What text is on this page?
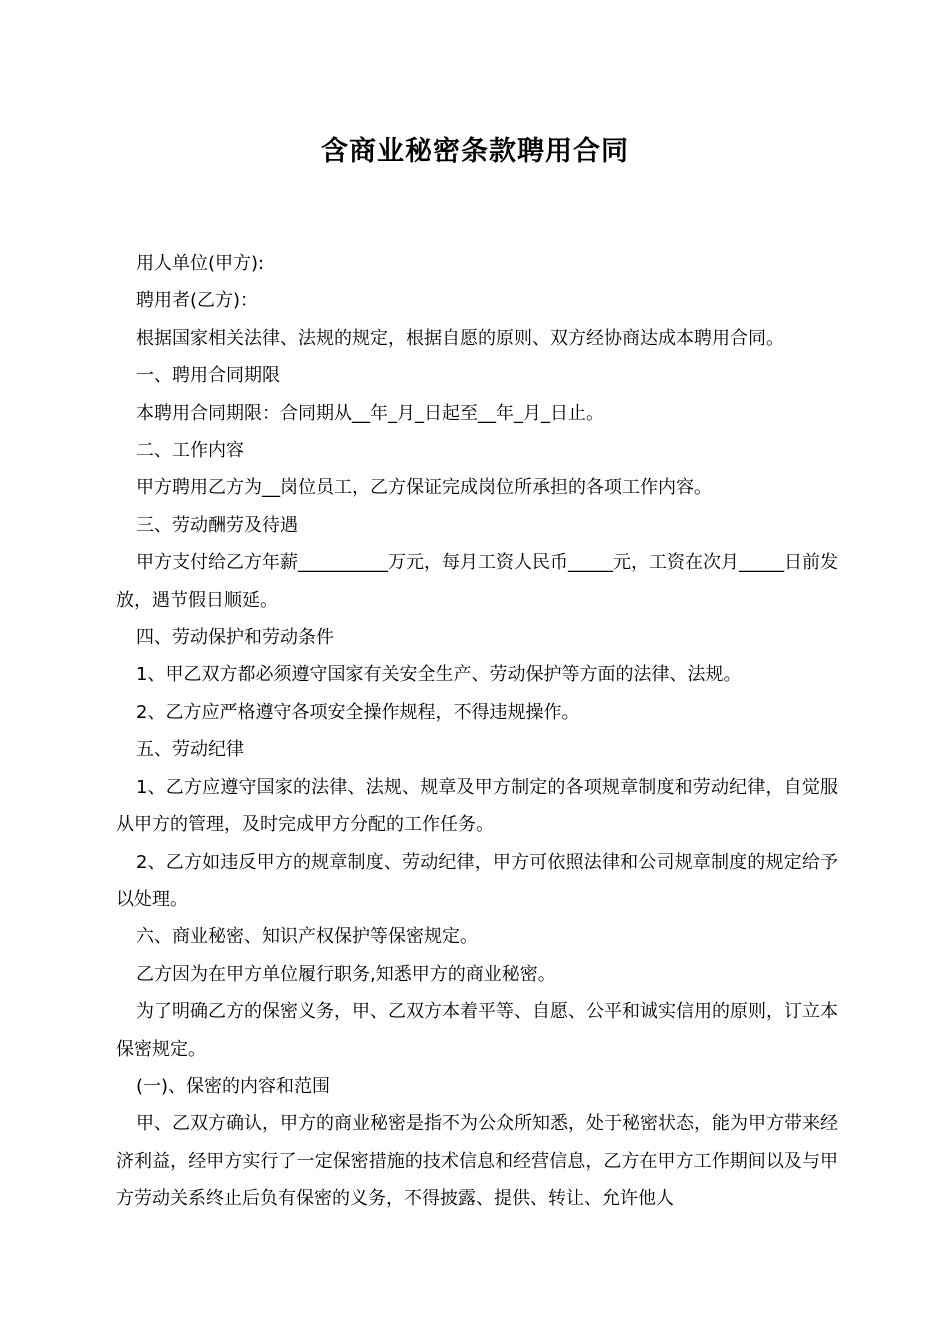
含商业秘密条款聘用合同

用人单位(甲方):

聘用者(乙方)：

根据国家相关法律、法规的规定，根据自愿的原则、双方经协商达成本聘用合同。

一、聘用合同期限

本聘用合同期限：合同期从__年_月_日起至__年_月_日止。

二、工作内容

甲方聘用乙方为__岗位员工，乙方保证完成岗位所承担的各项工作内容。

三、劳动酬劳及待遇

甲方支付给乙方年薪__________万元，每月工资人民币_____元，工资在次月_____日前发放，遇节假日顺延。

四、劳动保护和劳动条件

1、甲乙双方都必须遵守国家有关安全生产、劳动保护等方面的法律、法规。

2、乙方应严格遵守各项安全操作规程，不得违规操作。

五、劳动纪律

1、乙方应遵守国家的法律、法规、规章及甲方制定的各项规章制度和劳动纪律，自觉服从甲方的管理，及时完成甲方分配的工作任务。

2、乙方如违反甲方的规章制度、劳动纪律，甲方可依照法律和公司规章制度的规定给予以处理。

六、商业秘密、知识产权保护等保密规定。

乙方因为在甲方单位履行职务,知悉甲方的商业秘密。

为了明确乙方的保密义务，甲、乙双方本着平等、自愿、公平和诚实信用的原则，订立本保密规定。

(一)、保密的内容和范围

甲、乙双方确认，甲方的商业秘密是指不为公众所知悉，处于秘密状态，能为甲方带来经济利益，经甲方实行了一定保密措施的技术信息和经营信息，乙方在甲方工作期间以及与甲方劳动关系终止后负有保密的义务，不得披露、提供、转让、允许他人
